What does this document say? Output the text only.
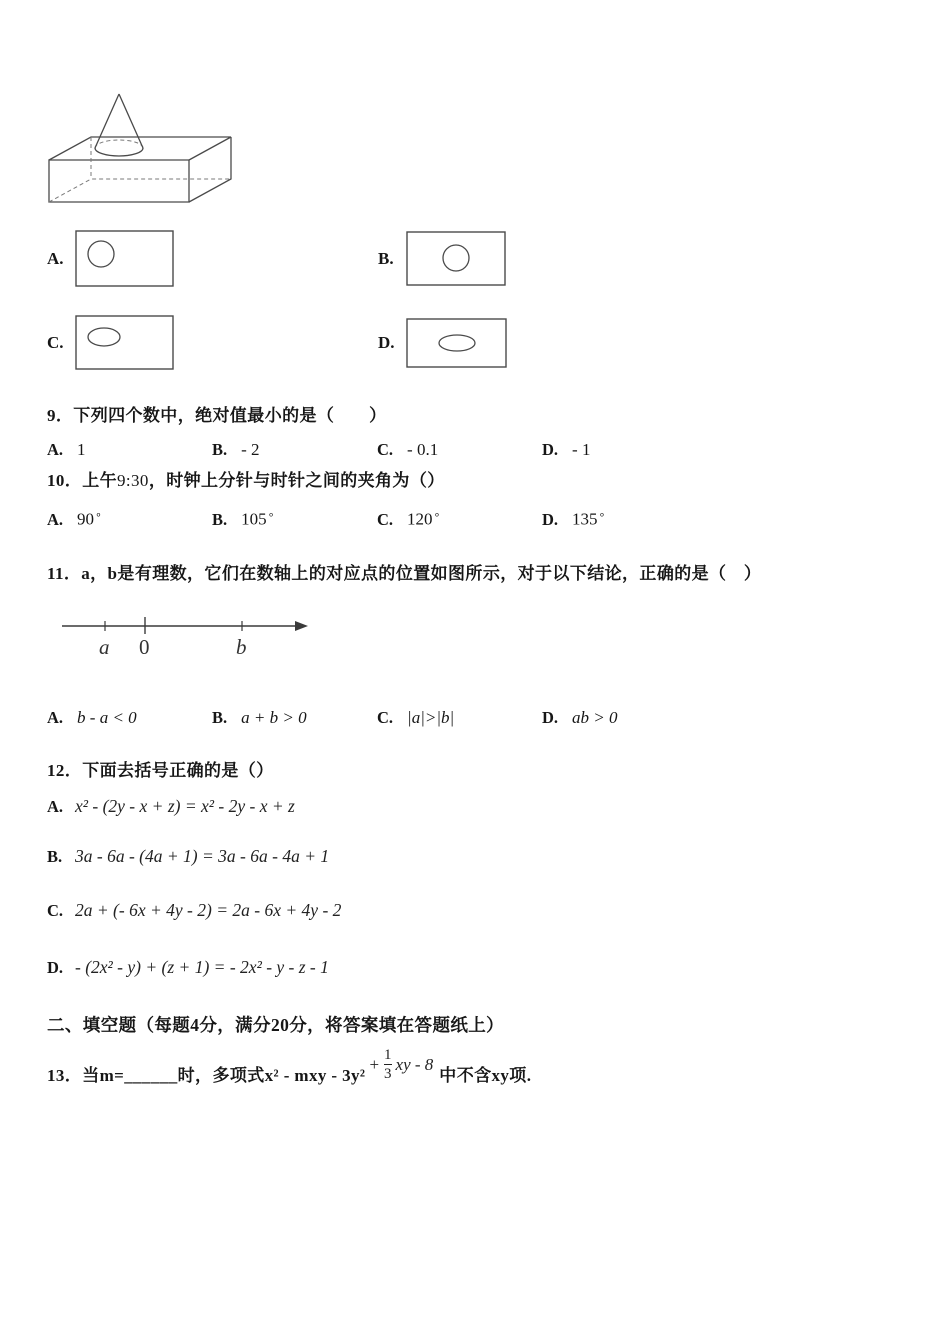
A.	B.
C.	D.
9．下列四个数中，绝对值最小的是（　　）
A. 1	B. - 2	C. - 0.1	D. - 1
10．上午9:30，时钟上分针与时针之间的夹角为（）
A. 90∘	B. 105∘	C. 120∘	D. 135∘
11．a，b是有理数，它们在数轴上的对应点的位置如图所示，对于以下结论，正确的是（　）
a 0	b
A. b - a < 0	B. a + b > 0	C. |a|>|b|	D. ab > 0
12．下面去括号正确的是（）
A. x² - (2y - x + z) = x² - 2y - x + z
B. 3a - 6a - (4a + 1) = 3a - 6a - 4a + 1
C. 2a + (- 6x + 4y - 2) = 2a - 6x + 4y - 2
D. - (2x² - y) + (z + 1) = - 2x² - y - z - 1
二、填空题（每题4分，满分20分，将答案填在答题纸上）
13．当m=______时，多项式x² - mxy - 3y²
+ $\frac{1}{3}$ xy - 8
中不含xy项.
